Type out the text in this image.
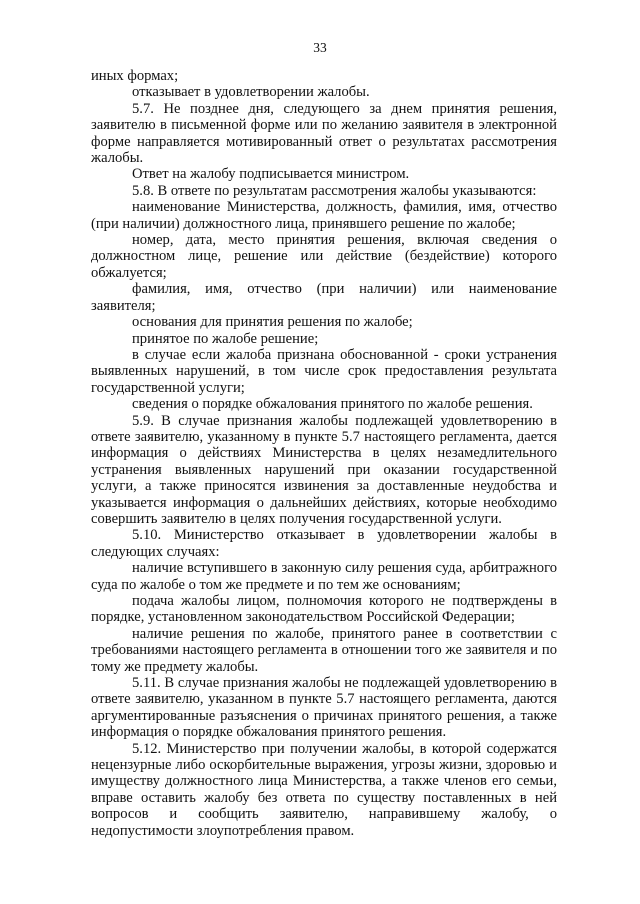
33

иных формах;

отказывает в удовлетворении жалобы.

5.7. Не позднее дня, следующего за днем принятия решения, заявителю в письменной форме или по желанию заявителя в электронной форме направляется мотивированный ответ о результатах рассмотрения жалобы.

Ответ на жалобу подписывается министром.

5.8. В ответе по результатам рассмотрения жалобы указываются:

наименование Министерства, должность, фамилия, имя, отчество (при наличии) должностного лица, принявшего решение по жалобе;

номер, дата, место принятия решения, включая сведения о должностном лице, решение или действие (бездействие) которого обжалуется;

фамилия, имя, отчество (при наличии) или наименование заявителя;

основания для принятия решения по жалобе;

принятое по жалобе решение;

в случае если жалоба признана обоснованной - сроки устранения выявленных нарушений, в том числе срок предоставления результата государственной услуги;

сведения о порядке обжалования принятого по жалобе решения.

5.9. В случае признания жалобы подлежащей удовлетворению в ответе заявителю, указанному в пункте 5.7 настоящего регламента, дается информация о действиях Министерства в целях незамедлительного устранения выявленных нарушений при оказании государственной услуги, а также приносятся извинения за доставленные неудобства и указывается информация о дальнейших действиях, которые необходимо совершить заявителю в целях получения государственной услуги.

5.10. Министерство отказывает в удовлетворении жалобы в следующих случаях:

наличие вступившего в законную силу решения суда, арбитражного суда по жалобе о том же предмете и по тем же основаниям;

подача жалобы лицом, полномочия которого не подтверждены в порядке, установленном законодательством Российской Федерации;

наличие решения по жалобе, принятого ранее в соответствии с требованиями настоящего регламента в отношении того же заявителя и по тому же предмету жалобы.

5.11. В случае признания жалобы не подлежащей удовлетворению в ответе заявителю, указанном в пункте 5.7 настоящего регламента, даются аргументированные разъяснения о причинах принятого решения, а также информация о порядке обжалования принятого решения.

5.12. Министерство при получении жалобы, в которой содержатся нецензурные либо оскорбительные выражения, угрозы жизни, здоровью и имуществу должностного лица Министерства, а также членов его семьи, вправе оставить жалобу без ответа по существу поставленных в ней вопросов и сообщить заявителю, направившему жалобу, о недопустимости злоупотребления правом.
